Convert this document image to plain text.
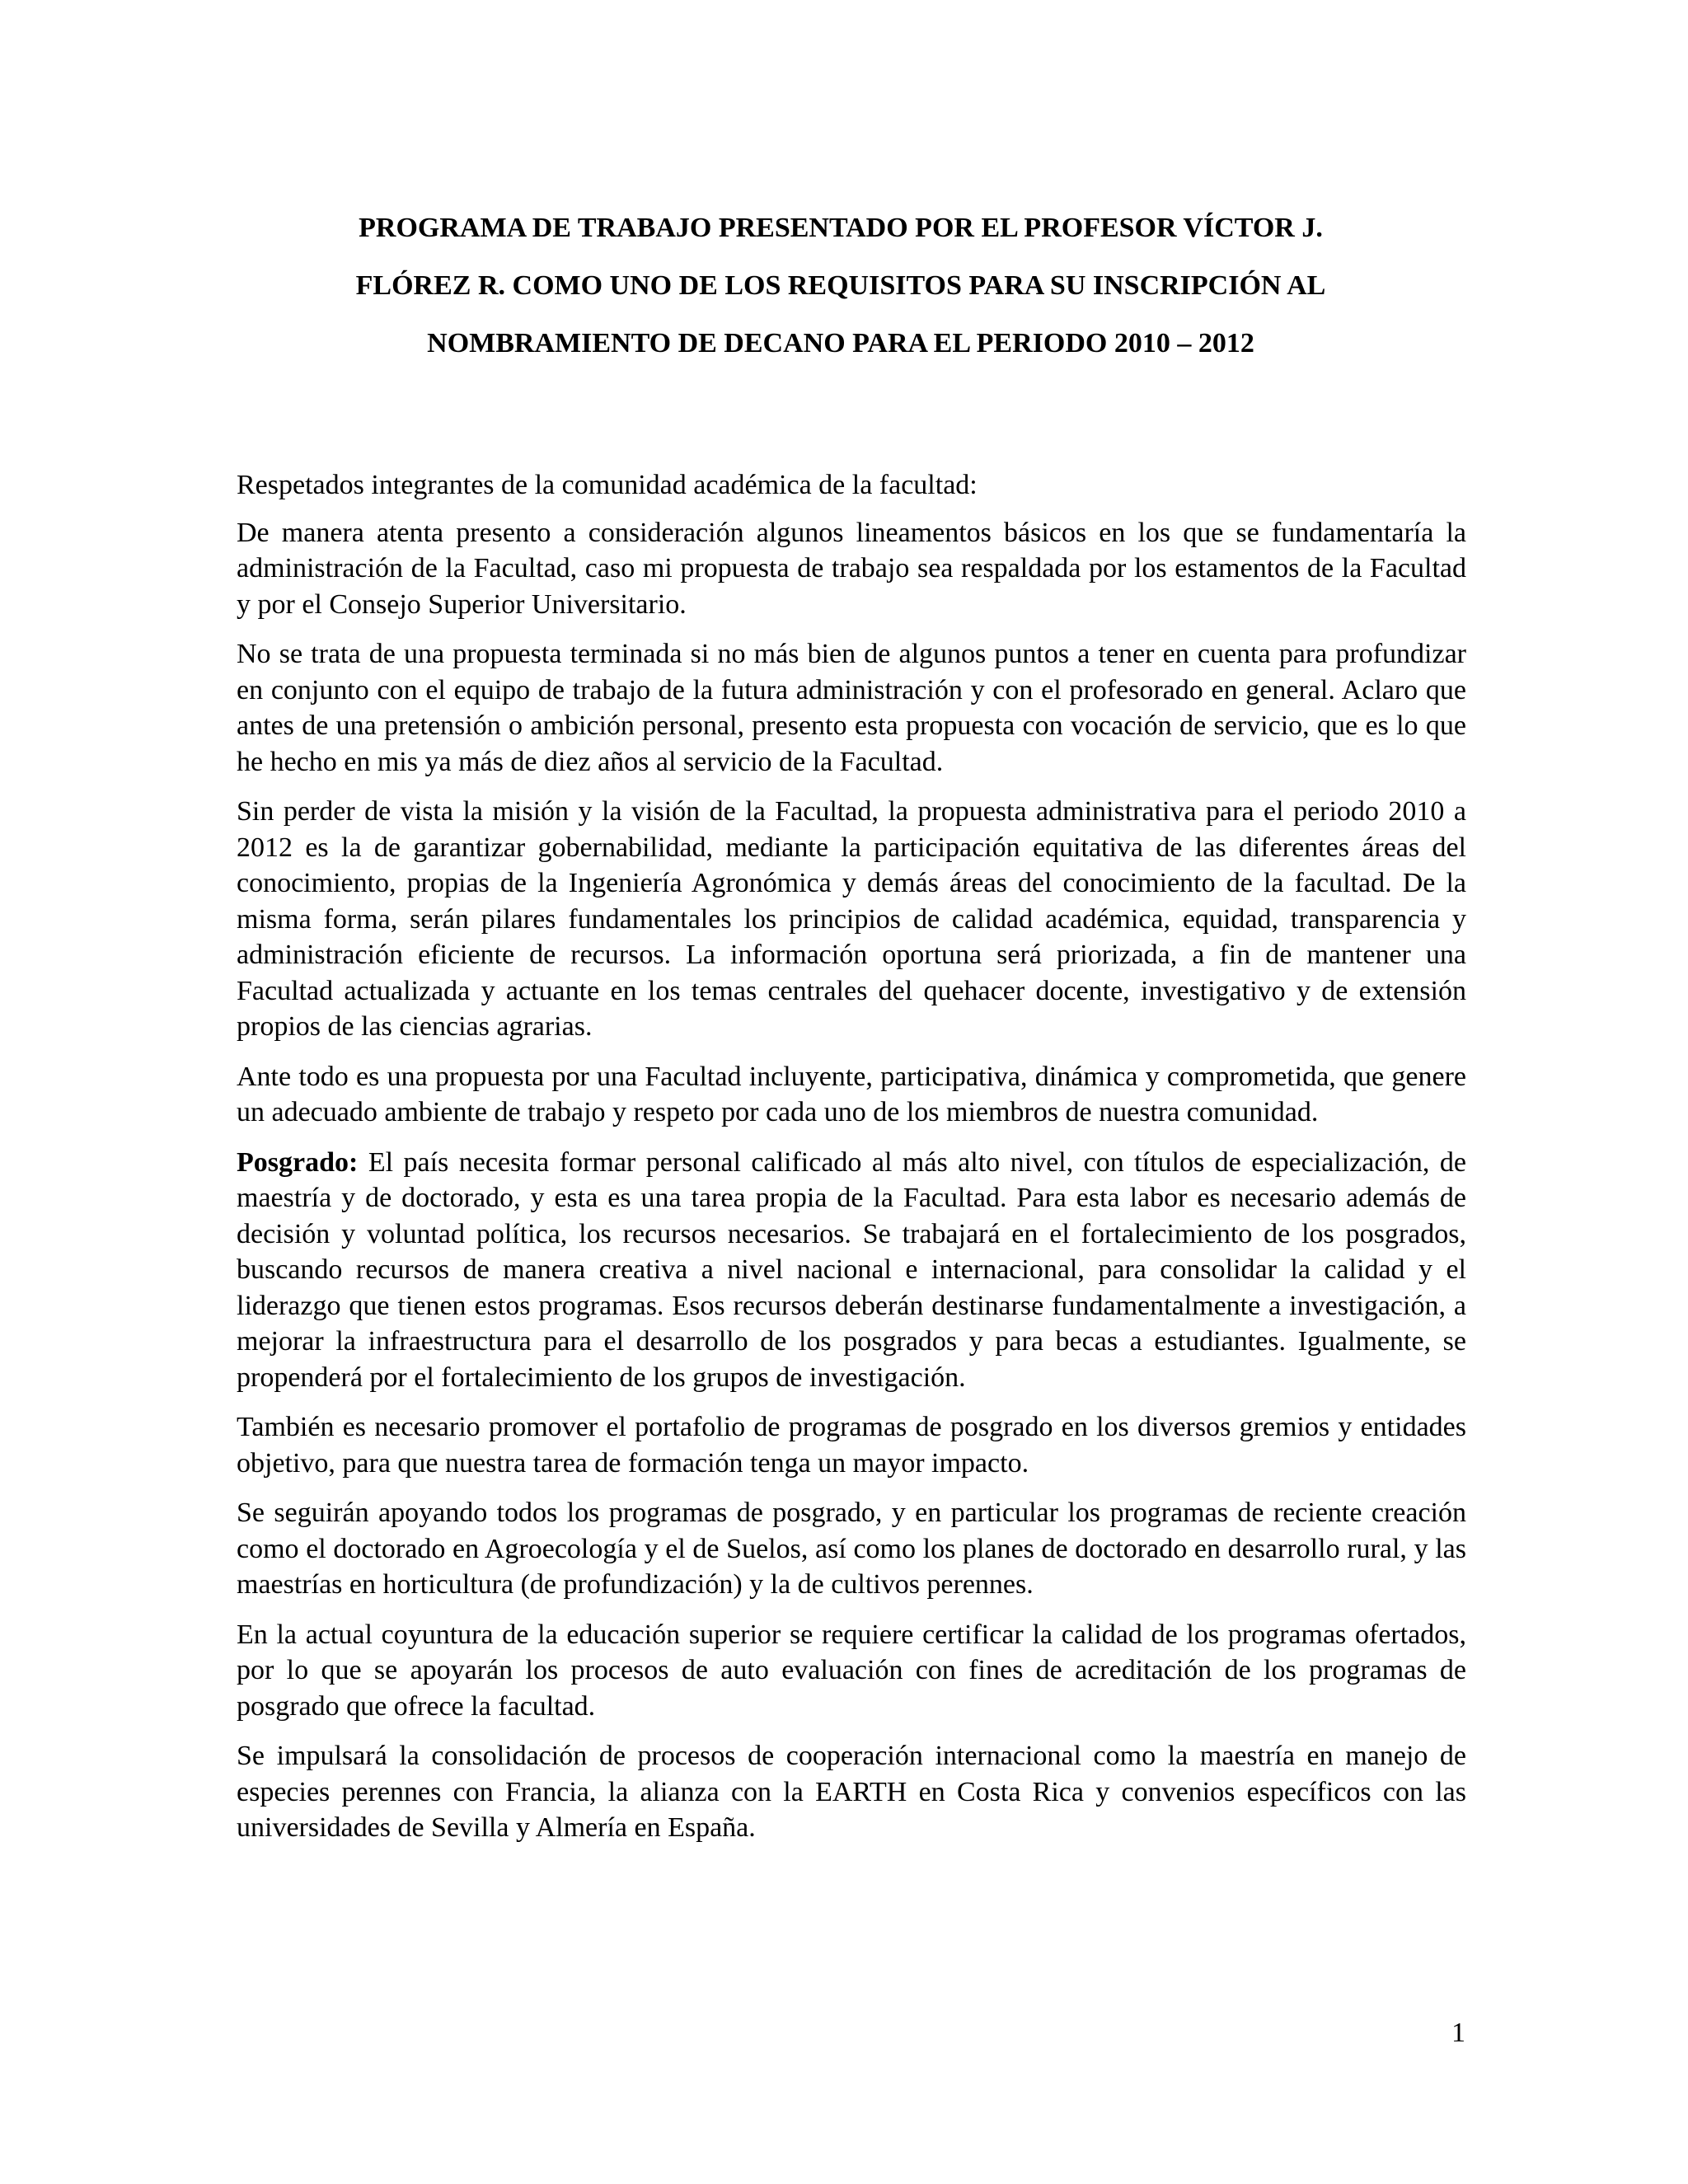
PROGRAMA DE TRABAJO PRESENTADO POR EL PROFESOR VÍCTOR J.
FLÓREZ R. COMO UNO DE LOS REQUISITOS PARA SU INSCRIPCIÓN AL
NOMBRAMIENTO DE DECANO PARA EL PERIODO 2010 – 2012

Respetados integrantes de la comunidad académica de la facultad:

De manera atenta presento a consideración algunos lineamentos básicos en los que se fundamentaría la administración de la Facultad, caso mi propuesta de trabajo sea respaldada por los estamentos de la Facultad y por el Consejo Superior Universitario.

No se trata de una propuesta terminada si no más bien de algunos puntos a tener en cuenta para profundizar en conjunto con el equipo de trabajo de la futura administración y con el profesorado en general. Aclaro que antes de una pretensión o ambición personal, presento esta propuesta con vocación de servicio, que es lo que he hecho en mis ya más de diez años al servicio de la Facultad.

Sin perder de vista la misión y la visión de la Facultad, la propuesta administrativa para el periodo 2010 a 2012 es la de garantizar gobernabilidad, mediante la participación equitativa de las diferentes áreas del conocimiento, propias de la Ingeniería Agronómica y demás áreas del conocimiento de la facultad. De la misma forma, serán pilares fundamentales los principios de calidad académica, equidad, transparencia y administración eficiente de recursos. La información oportuna será priorizada, a fin de mantener una Facultad actualizada y actuante en los temas centrales del quehacer docente, investigativo y de extensión propios de las ciencias agrarias.

Ante todo es una propuesta por una Facultad incluyente, participativa, dinámica y comprometida, que genere un adecuado ambiente de trabajo y respeto por cada uno de los miembros de nuestra comunidad.

Posgrado: El país necesita formar personal calificado al más alto nivel, con títulos de especialización, de maestría y de doctorado, y esta es una tarea propia de la Facultad. Para esta labor es necesario además de decisión y voluntad política, los recursos necesarios. Se trabajará en el fortalecimiento de los posgrados, buscando recursos de manera creativa a nivel nacional e internacional, para consolidar la calidad y el liderazgo que tienen estos programas. Esos recursos deberán destinarse fundamentalmente a investigación, a mejorar la infraestructura para el desarrollo de los posgrados y para becas a estudiantes. Igualmente, se propenderá por el fortalecimiento de los grupos de investigación.

También es necesario promover el portafolio de programas de posgrado en los diversos gremios y entidades objetivo, para que nuestra tarea de formación tenga un mayor impacto.

Se seguirán apoyando todos los programas de posgrado, y en particular los programas de reciente creación como el doctorado en Agroecología y el de Suelos, así como los planes de doctorado en desarrollo rural, y las maestrías en horticultura (de profundización) y la de cultivos perennes.

En la actual coyuntura de la educación superior se requiere certificar la calidad de los programas ofertados, por lo que se apoyarán los procesos de auto evaluación con fines de acreditación de los programas de posgrado que ofrece la facultad.

Se impulsará la consolidación de procesos de cooperación internacional como la maestría en manejo de especies perennes con Francia, la alianza con la EARTH en Costa Rica y convenios específicos con las universidades de Sevilla y Almería en España.

1
